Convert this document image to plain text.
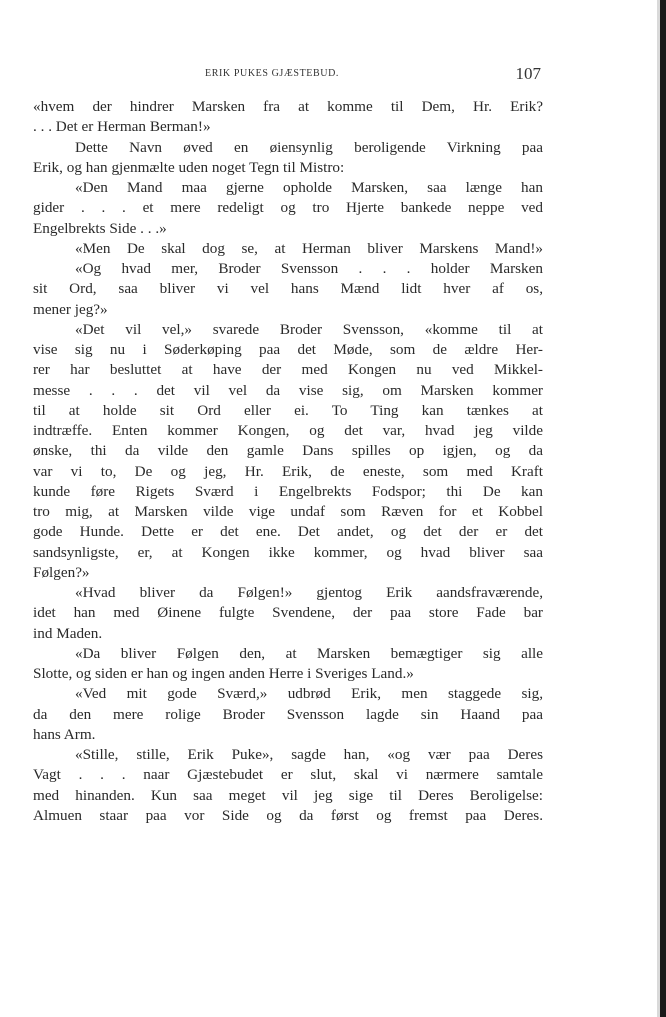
ERIK PUKES GJÆSTEBUD.	107
«hvem der hindrer Marsken fra at komme til Dem, Hr. Erik?
. . . Det er Herman Berman!»
Dette Navn øved en øiensynlig beroligende Virkning paa
Erik, og han gjenmælte uden noget Tegn til Mistro:
«Den Mand maa gjerne opholde Marsken, saa længe han
gider . . . et mere redeligt og tro Hjerte bankede neppe ved
Engelbrekts Side . . .»
«Men De skal dog se, at Herman bliver Marskens Mand!»
«Og hvad mer, Broder Svensson . . . holder Marsken
sit Ord, saa bliver vi vel hans Mænd lidt hver af os,
mener jeg?»
«Det vil vel,» svarede Broder Svensson, «komme til at
vise sig nu i Søderkøping paa det Møde, som de ældre Her-
rer har besluttet at have der med Kongen nu ved Mikkel-
messe . . . det vil vel da vise sig, om Marsken kommer
til at holde sit Ord eller ei. To Ting kan tænkes at
indtræffe. Enten kommer Kongen, og det var, hvad jeg vilde
ønske, thi da vilde den gamle Dans spilles op igjen, og da
var vi to, De og jeg, Hr. Erik, de eneste, som med Kraft
kunde føre Rigets Sværd i Engelbrekts Fodspor; thi De kan
tro mig, at Marsken vilde vige undaf som Ræven for et Kobbel
gode Hunde. Dette er det ene. Det andet, og det der er det
sandsynligste, er, at Kongen ikke kommer, og hvad bliver saa
Følgen?»
«Hvad bliver da Følgen!» gjentog Erik aandsfraværende,
idet han med Øinene fulgte Svendene, der paa store Fade bar
ind Maden.
«Da bliver Følgen den, at Marsken bemægtiger sig alle
Slotte, og siden er han og ingen anden Herre i Sveriges Land.»
«Ved mit gode Sværd,» udbrød Erik, men staggede sig,
da den mere rolige Broder Svensson lagde sin Haand paa
hans Arm.
«Stille, stille, Erik Puke», sagde han, «og vær paa Deres
Vagt . . . naar Gjæstebudet er slut, skal vi nærmere samtale
med hinanden. Kun saa meget vil jeg sige til Deres Beroligelse:
Almuen staar paa vor Side og da først og fremst paa Deres.
